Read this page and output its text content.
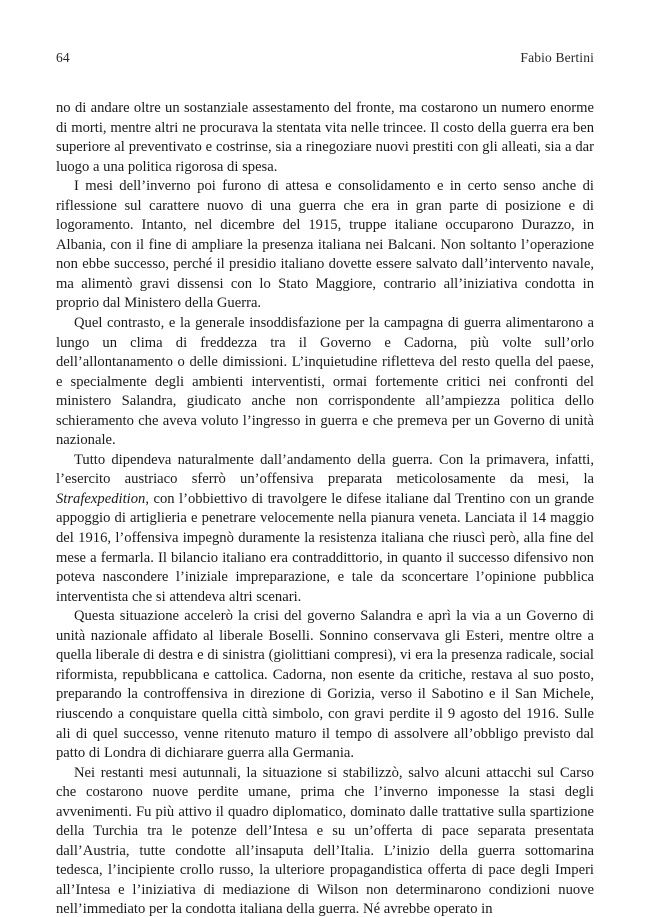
64	Fabio Bertini

no di andare oltre un sostanziale assestamento del fronte, ma costarono un numero enorme di morti, mentre altri ne procurava la stentata vita nelle trincee. Il costo della guerra era ben superiore al preventivato e costrinse, sia a rinegoziare nuovi prestiti con gli alleati, sia a dar luogo a una politica rigorosa di spesa.

I mesi dell’inverno poi furono di attesa e consolidamento e in certo senso anche di riflessione sul carattere nuovo di una guerra che era in gran parte di posizione e di logoramento. Intanto, nel dicembre del 1915, truppe italiane occuparono Durazzo, in Albania, con il fine di ampliare la presenza italiana nei Balcani. Non soltanto l’operazione non ebbe successo, perché il presidio italiano dovette essere salvato dall’intervento navale, ma alimentò gravi dissensi con lo Stato Maggiore, contrario all’iniziativa condotta in proprio dal Ministero della Guerra.

Quel contrasto, e la generale insoddisfazione per la campagna di guerra alimentarono a lungo un clima di freddezza tra il Governo e Cadorna, più volte sull’orlo dell’allontanamento o delle dimissioni. L’inquietudine rifletteva del resto quella del paese, e specialmente degli ambienti interventisti, ormai fortemente critici nei confronti del ministero Salandra, giudicato anche non corrispondente all’ampiezza politica dello schieramento che aveva voluto l’ingresso in guerra e che premeva per un Governo di unità nazionale.

Tutto dipendeva naturalmente dall’andamento della guerra. Con la primavera, infatti, l’esercito austriaco sferrò un’offensiva preparata meticolosamente da mesi, la Strafexpedition, con l’obbiettivo di travolgere le difese italiane dal Trentino con un grande appoggio di artiglieria e penetrare velocemente nella pianura veneta. Lanciata il 14 maggio del 1916, l’offensiva impegnò duramente la resistenza italiana che riuscì però, alla fine del mese a fermarla. Il bilancio italiano era contraddittorio, in quanto il successo difensivo non poteva nascondere l’iniziale impreparazione, e tale da sconcertare l’opinione pubblica interventista che si attendeva altri scenari.

Questa situazione accelerò la crisi del governo Salandra e aprì la via a un Governo di unità nazionale affidato al liberale Boselli. Sonnino conservava gli Esteri, mentre oltre a quella liberale di destra e di sinistra (giolittiani compresi), vi era la presenza radicale, social riformista, repubblicana e cattolica. Cadorna, non esente da critiche, restava al suo posto, preparando la controffensiva in direzione di Gorizia, verso il Sabotino e il San Michele, riuscendo a conquistare quella città simbolo, con gravi perdite il 9 agosto del 1916. Sulle ali di quel successo, venne ritenuto maturo il tempo di assolvere all’obbligo previsto dal patto di Londra di dichiarare guerra alla Germania.

Nei restanti mesi autunnali, la situazione si stabilizzò, salvo alcuni attacchi sul Carso che costarono nuove perdite umane, prima che l’inverno imponesse la stasi degli avvenimenti. Fu più attivo il quadro diplomatico, dominato dalle trattative sulla spartizione della Turchia tra le potenze dell’Intesa e su un’offerta di pace separata presentata dall’Austria, tutte condotte all’insaputa dell’Italia. L’inizio della guerra sottomarina tedesca, l’incipiente crollo russo, la ulteriore propagandistica offerta di pace degli Imperi all’Intesa e l’iniziativa di mediazione di Wilson non determinarono condizioni nuove nell’immediato per la condotta italiana della guerra. Né avrebbe operato in
